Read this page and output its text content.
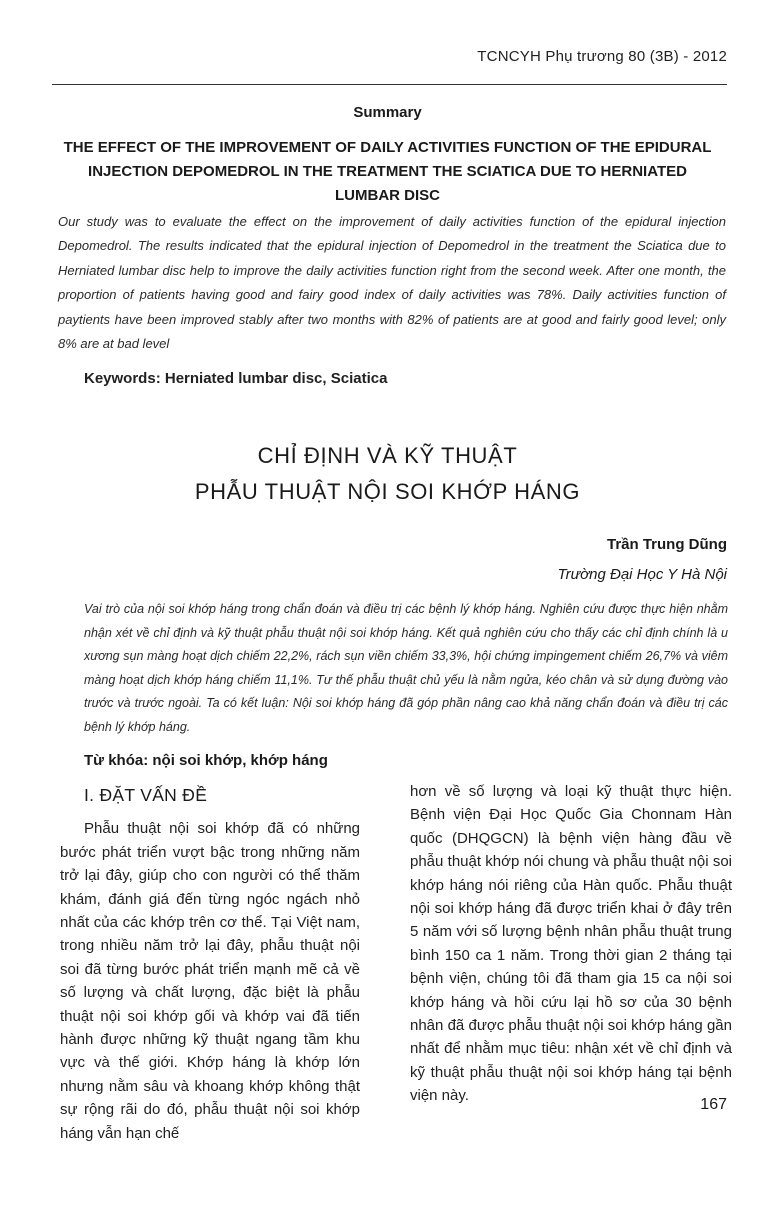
TCNCYH Phụ trương 80 (3B) - 2012
Summary
THE EFFECT OF THE IMPROVEMENT OF DAILY ACTIVITIES FUNCTION OF THE EPIDURAL INJECTION DEPOMEDROL IN THE TREATMENT THE SCIATICA DUE TO HERNIATED LUMBAR DISC
Our study was to evaluate the effect on the improvement of daily activities function of the epidural injection Depomedrol. The results indicated that the epidural injection of Depomedrol in the treatment the Sciatica due to Herniated lumbar disc help to improve the daily activities function right from the second week. After one month, the proportion of patients having good and fairy good index of daily activities was 78%. Daily activities function of paytients have been improved stably after two months with 82% of patients are at good and fairly good level; only 8% are at bad level
Keywords: Herniated lumbar disc, Sciatica
CHỈ ĐỊNH VÀ KỸ THUẬT
PHẪU THUẬT NỘI SOI KHỚP HÁNG
Trần Trung Dũng
Trường Đại Học Y Hà Nội
Vai trò của nội soi khớp háng trong chẩn đoán và điều trị các bệnh lý khớp háng. Nghiên cứu được thực hiện nhằm nhận xét về chỉ định và kỹ thuật phẫu thuật nội soi khớp háng. Kết quả nghiên cứu cho thấy các chỉ định chính là u xương sụn màng hoạt dịch chiếm 22,2%, rách sụn viền chiếm 33,3%, hội chứng impingement chiếm 26,7% và viêm màng hoạt dịch khớp háng chiếm 11,1%. Tư thế phẫu thuật chủ yếu là nằm ngửa, kéo chân và sử dụng đường vào trước và trước ngoài. Ta có kết luận: Nội soi khớp háng đã góp phần nâng cao khả năng chẩn đoán và điều trị các bệnh lý khớp háng.
Từ khóa: nội soi khớp, khớp háng
I. ĐẶT VẤN ĐỀ

Phẫu thuật nội soi khớp đã có những bước phát triển vượt bậc trong những năm trở lại đây, giúp cho con người có thể thăm khám, đánh giá đến từng ngóc ngách nhỏ nhất của các khớp trên cơ thể. Tại Việt nam, trong nhiều năm trở lại đây, phẫu thuật nội soi đã từng bước phát triển mạnh mẽ cả về số lượng và chất lượng, đặc biệt là phẫu thuật nội soi khớp gối và khớp vai đã tiến hành được những kỹ thuật ngang tầm khu vực và thế giới. Khớp háng là khớp lớn nhưng nằm sâu và khoang khớp không thật sự rộng rãi do đó, phẫu thuật nội soi khớp háng vẫn hạn chế

hơn về số lượng và loại kỹ thuật thực hiện. Bệnh viện Đại Học Quốc Gia Chonnam Hàn quốc (DHQGCN) là bệnh viện hàng đầu về phẫu thuật khớp nói chung và phẫu thuật nội soi khớp háng nói riêng của Hàn quốc. Phẫu thuật nội soi khớp háng đã được triển khai ở đây trên 5 năm với số lượng bệnh nhân phẫu thuật trung bình 150 ca 1 năm. Trong thời gian 2 tháng tại bệnh viện, chúng tôi đã tham gia 15 ca nội soi khớp háng và hồi cứu lại hồ sơ của 30 bệnh nhân đã được phẫu thuật nội soi khớp háng gần nhất để nhằm mục tiêu: nhận xét về chỉ định và kỹ thuật phẫu thuật nội soi khớp háng tại bệnh viện này.

167
